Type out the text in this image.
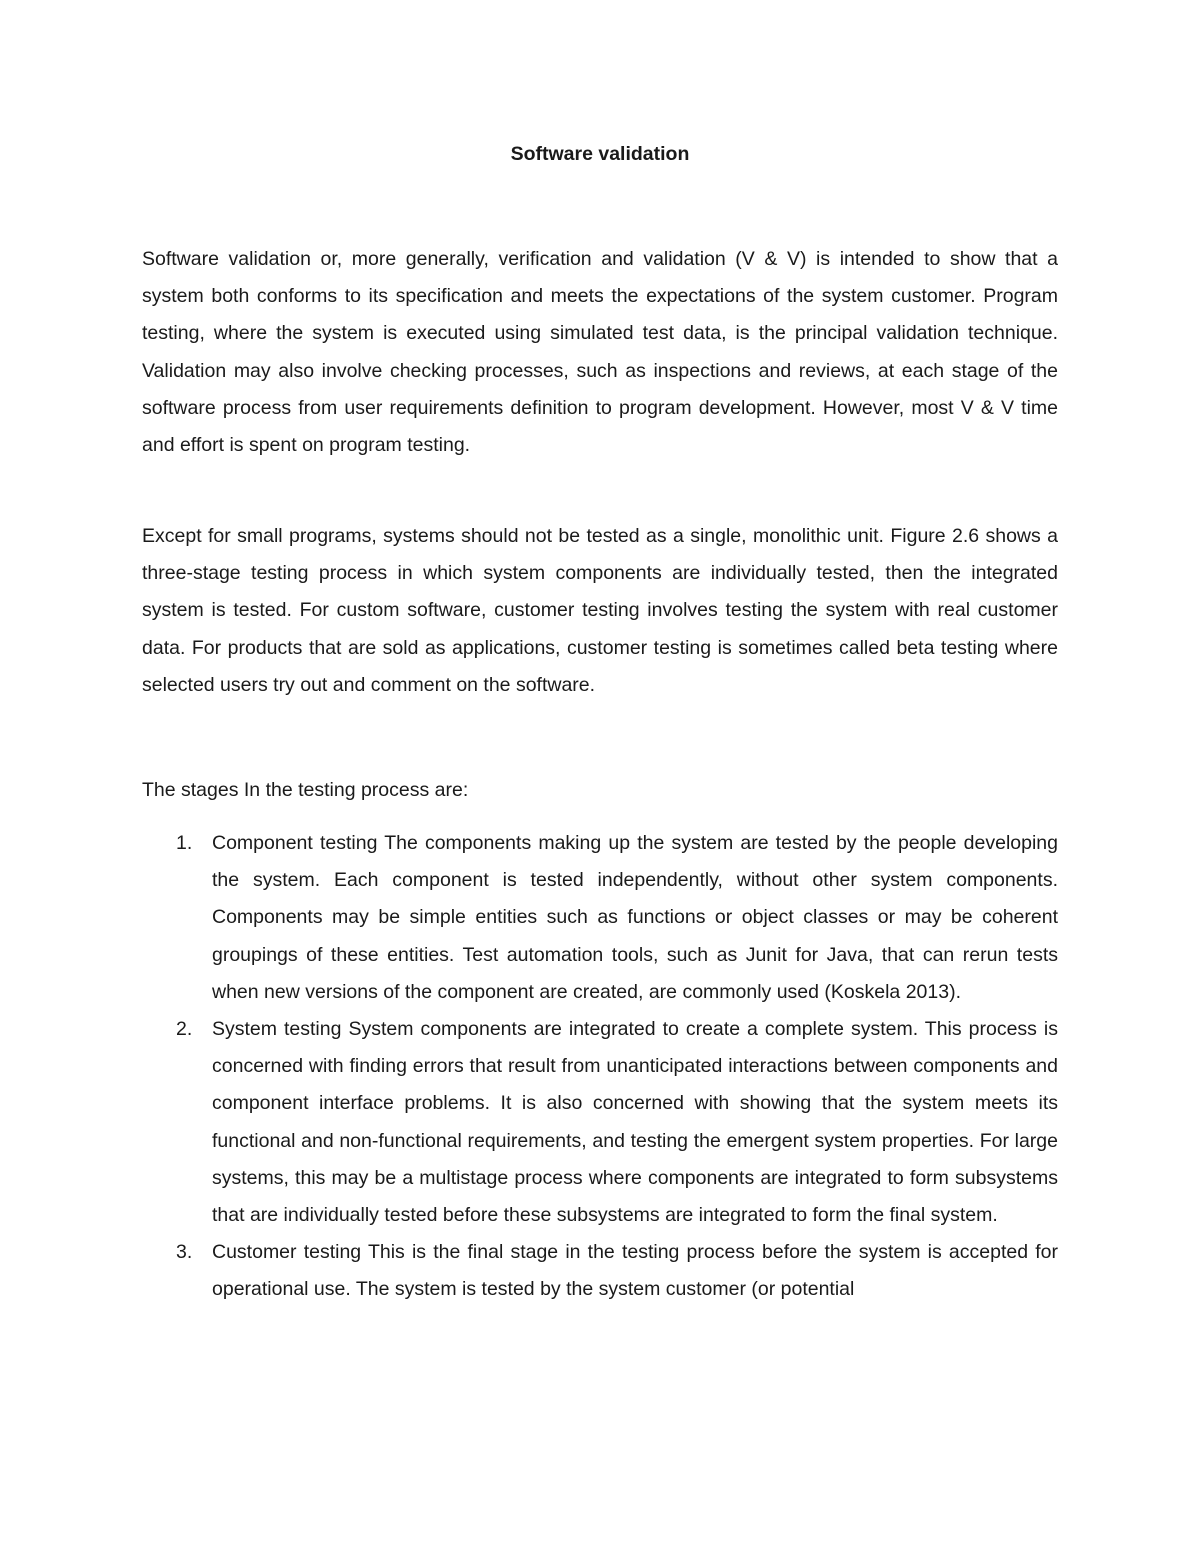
Software validation

Software validation or, more generally, verification and validation (V & V) is intended to show that a system both conforms to its specification and meets the expectations of the system customer. Program testing, where the system is executed using simulated test data, is the principal validation technique. Validation may also involve checking processes, such as inspections and reviews, at each stage of the software process from user requirements definition to program development. However, most V & V time and effort is spent on program testing.

Except for small programs, systems should not be tested as a single, monolithic unit. Figure 2.6 shows a three-stage testing process in which system components are individually tested, then the integrated system is tested. For custom software, customer testing involves testing the system with real customer data. For products that are sold as applications, customer testing is sometimes called beta testing where selected users try out and comment on the software.

The stages In the testing process are:

1. Component testing The components making up the system are tested by the people developing the system. Each component is tested independently, without other system components. Components may be simple entities such as functions or object classes or may be coherent groupings of these entities. Test automation tools, such as Junit for Java, that can rerun tests when new versions of the component are created, are commonly used (Koskela 2013).
2. System testing System components are integrated to create a complete system. This process is concerned with finding errors that result from unanticipated interactions between components and component interface problems. It is also concerned with showing that the system meets its functional and non-functional requirements, and testing the emergent system properties. For large systems, this may be a multistage process where components are integrated to form subsystems that are individually tested before these subsystems are integrated to form the final system.
3. Customer testing This is the final stage in the testing process before the system is accepted for operational use. The system is tested by the system customer (or potential
